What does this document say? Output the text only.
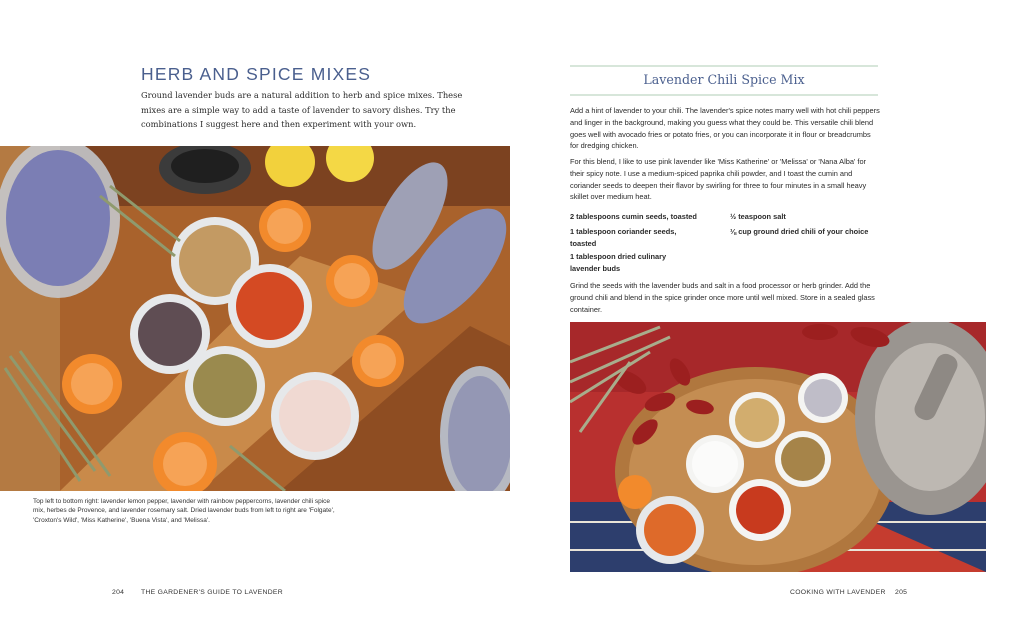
HERB AND SPICE MIXES

Ground lavender buds are a natural addition to herb and spice mixes. These mixes are a simple way to add a taste of lavender to savory dishes. Try the combinations I suggest here and then experiment with your own.

Top left to bottom right: lavender lemon pepper, lavender with rainbow peppercorns, lavender chili spice mix, herbes de Provence, and lavender rosemary salt. Dried lavender buds from left to right are 'Folgate', 'Croxton's Wild', 'Miss Katherine', 'Buena Vista', and 'Melissa'.

204 THE GARDENER'S GUIDE TO LAVENDER
Lavender Chili Spice Mix

Add a hint of lavender to your chili. The lavender's spice notes marry well with hot chili peppers and linger in the background, making you guess what they could be. This versatile chili blend goes well with avocado fries or potato fries, or you can incorporate it in flour or breadcrumbs for dredging chicken.

For this blend, I like to use pink lavender like 'Miss Katherine' or 'Melissa' or 'Nana Alba' for their spicy note. I use a medium-spiced paprika chili powder, and I toast the cumin and coriander seeds to deepen their flavor by swirling for three to four minutes in a small heavy skillet over medium heat.

2 tablespoons cumin seeds, toasted

1 tablespoon coriander seeds, toasted

1 tablespoon dried culinary lavender buds

½ teaspoon salt

⅛ cup ground dried chili of your choice

Grind the seeds with the lavender buds and salt in a food processor or herb grinder. Add the ground chili and blend in the spice grinder once more until well mixed. Store in a sealed glass container.

COOKING WITH LAVENDER 205
